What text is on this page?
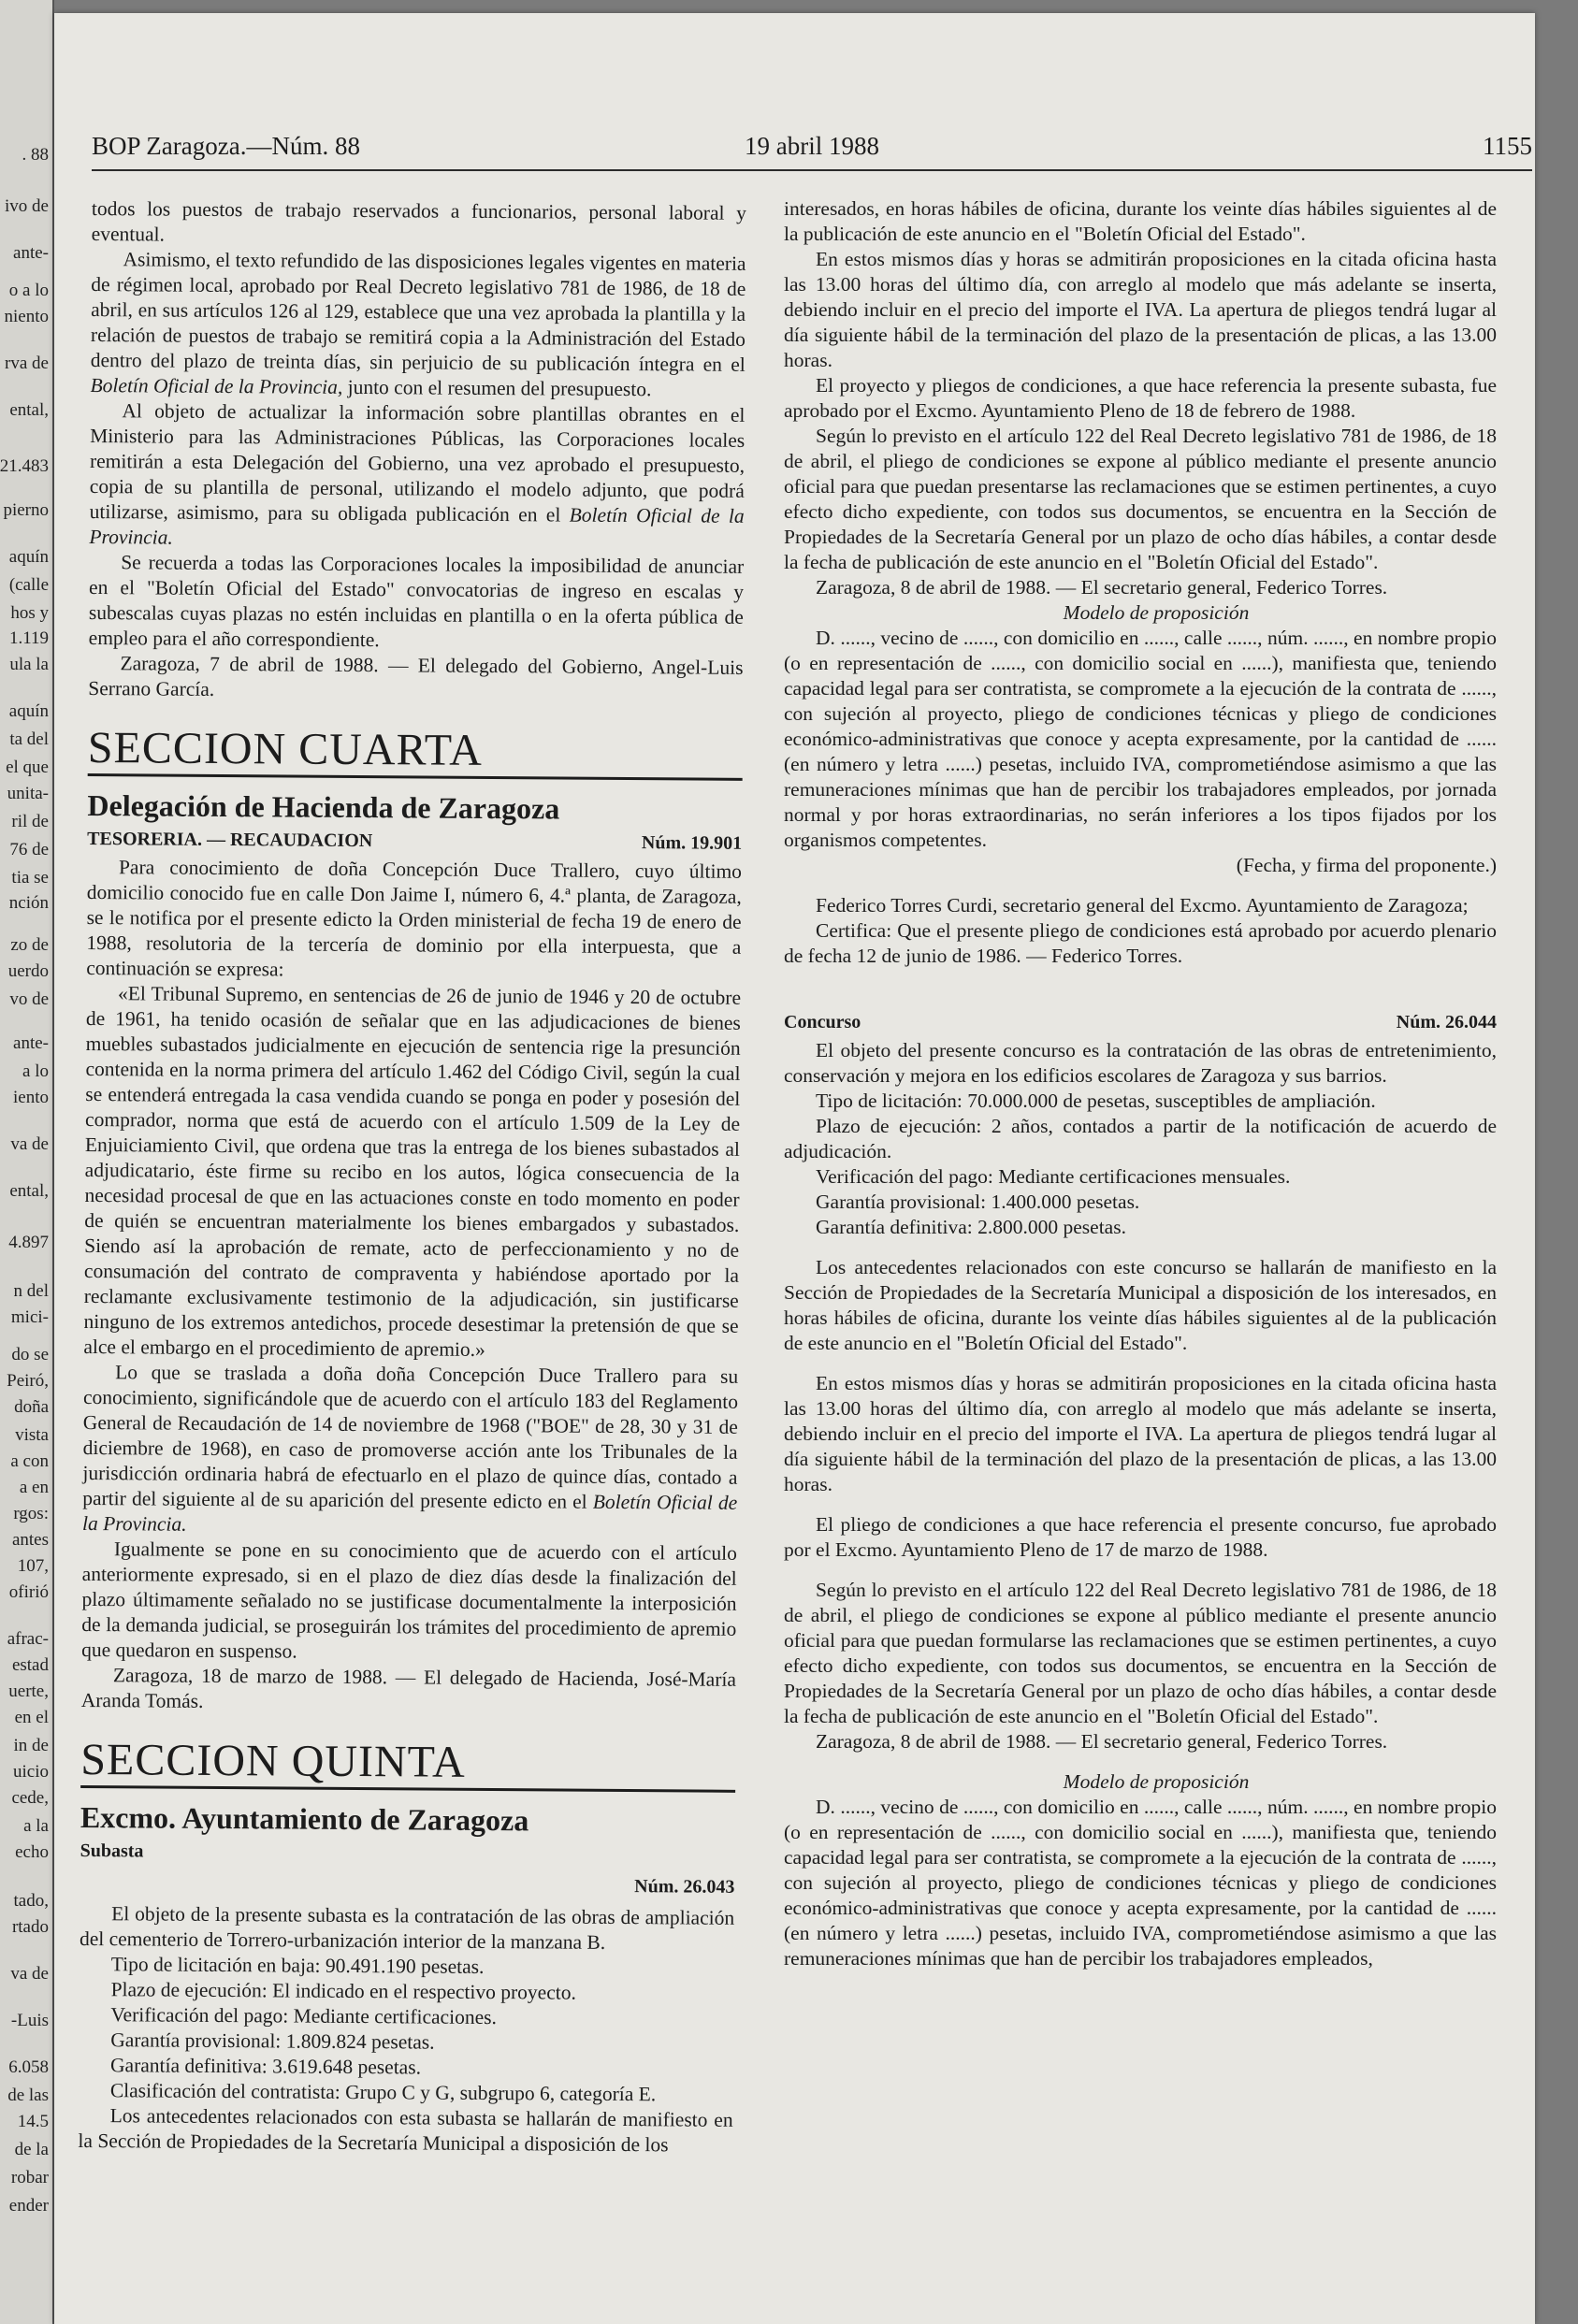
. 88
ivo de
ante-
o a lo
niento
rva de
ental,
21.483
pierno
aquín
(calle
hos y
1.119
ula la
aquín
ta del
el que
unita-
ril de
76 de
tia se
nción
zo de
uerdo
vo de
ante-
a lo
iento
va de
ental,
4.897
n del
mici-
do se
Peiró,
doña
vista
a con
a en
rgos:
antes
107,
ofirió
afrac-
estad
uerte,
en el
in de
uicio
cede,
a la
echo
tado,
rtado
va de
-Luis
6.058
de las
14.5
de la
robar
ender
BOP Zaragoza.—Núm. 88	19 abril 1988	1155

todos los puestos de trabajo reservados a funcionarios, personal laboral y eventual.

Asimismo, el texto refundido de las disposiciones legales vigentes en materia de régimen local, aprobado por Real Decreto legislativo 781 de 1986, de 18 de abril, en sus artículos 126 al 129, establece que una vez aprobada la plantilla y la relación de puestos de trabajo se remitirá copia a la Administración del Estado dentro del plazo de treinta días, sin perjuicio de su publicación íntegra en el Boletín Oficial de la Provincia, junto con el resumen del presupuesto.

Al objeto de actualizar la información sobre plantillas obrantes en el Ministerio para las Administraciones Públicas, las Corporaciones locales remitirán a esta Delegación del Gobierno, una vez aprobado el presupuesto, copia de su plantilla de personal, utilizando el modelo adjunto, que podrá utilizarse, asimismo, para su obligada publicación en el Boletín Oficial de la Provincia.

Se recuerda a todas las Corporaciones locales la imposibilidad de anunciar en el "Boletín Oficial del Estado" convocatorias de ingreso en escalas y subescalas cuyas plazas no estén incluidas en plantilla o en la oferta pública de empleo para el año correspondiente.

Zaragoza, 7 de abril de 1988. — El delegado del Gobierno, Angel-Luis Serrano García.

SECCION CUARTA
Delegación de Hacienda de Zaragoza
TESORERIA. — RECAUDACION	Núm. 19.901

Para conocimiento de doña Concepción Duce Trallero, cuyo último domicilio conocido fue en calle Don Jaime I, número 6, 4.ª planta, de Zaragoza, se le notifica por el presente edicto la Orden ministerial de fecha 19 de enero de 1988, resolutoria de la tercería de dominio por ella interpuesta, que a continuación se expresa:

«El Tribunal Supremo, en sentencias de 26 de junio de 1946 y 20 de octubre de 1961, ha tenido ocasión de señalar que en las adjudicaciones de bienes muebles subastados judicialmente en ejecución de sentencia rige la presunción contenida en la norma primera del artículo 1.462 del Código Civil, según la cual se entenderá entregada la casa vendida cuando se ponga en poder y posesión del comprador, norma que está de acuerdo con el artículo 1.509 de la Ley de Enjuiciamiento Civil, que ordena que tras la entrega de los bienes subastados al adjudicatario, éste firme su recibo en los autos, lógica consecuencia de la necesidad procesal de que en las actuaciones conste en todo momento en poder de quién se encuentran materialmente los bienes embargados y subastados. Siendo así la aprobación de remate, acto de perfeccionamiento y no de consumación del contrato de compraventa y habiéndose aportado por la reclamante exclusivamente testimonio de la adjudicación, sin justificarse ninguno de los extremos antedichos, procede desestimar la pretensión de que se alce el embargo en el procedimiento de apremio.»

Lo que se traslada a doña doña Concepción Duce Trallero para su conocimiento, significándole que de acuerdo con el artículo 183 del Reglamento General de Recaudación de 14 de noviembre de 1968 ("BOE" de 28, 30 y 31 de diciembre de 1968), en caso de promoverse acción ante los Tribunales de la jurisdicción ordinaria habrá de efectuarlo en el plazo de quince días, contado a partir del siguiente al de su aparición del presente edicto en el Boletín Oficial de la Provincia.

Igualmente se pone en su conocimiento que de acuerdo con el artículo anteriormente expresado, si en el plazo de diez días desde la finalización del plazo últimamente señalado no se justificase documentalmente la interposición de la demanda judicial, se proseguirán los trámites del procedimiento de apremio que quedaron en suspenso.

Zaragoza, 18 de marzo de 1988. — El delegado de Hacienda, José-María Aranda Tomás.

SECCION QUINTA
Excmo. Ayuntamiento de Zaragoza
Subasta
Núm. 26.043

El objeto de la presente subasta es la contratación de las obras de ampliación del cementerio de Torrero-urbanización interior de la manzana B.

Tipo de licitación en baja: 90.491.190 pesetas.

Plazo de ejecución: El indicado en el respectivo proyecto.

Verificación del pago: Mediante certificaciones.

Garantía provisional: 1.809.824 pesetas.

Garantía definitiva: 3.619.648 pesetas.

Clasificación del contratista: Grupo C y G, subgrupo 6, categoría E.

Los antecedentes relacionados con esta subasta se hallarán de manifiesto en la Sección de Propiedades de la Secretaría Municipal a disposición de los

interesados, en horas hábiles de oficina, durante los veinte días hábiles siguientes al de la publicación de este anuncio en el "Boletín Oficial del Estado".

En estos mismos días y horas se admitirán proposiciones en la citada oficina hasta las 13.00 horas del último día, con arreglo al modelo que más adelante se inserta, debiendo incluir en el precio del importe el IVA. La apertura de pliegos tendrá lugar al día siguiente hábil de la terminación del plazo de la presentación de plicas, a las 13.00 horas.

El proyecto y pliegos de condiciones, a que hace referencia la presente subasta, fue aprobado por el Excmo. Ayuntamiento Pleno de 18 de febrero de 1988.

Según lo previsto en el artículo 122 del Real Decreto legislativo 781 de 1986, de 18 de abril, el pliego de condiciones se expone al público mediante el presente anuncio oficial para que puedan presentarse las reclamaciones que se estimen pertinentes, a cuyo efecto dicho expediente, con todos sus documentos, se encuentra en la Sección de Propiedades de la Secretaría General por un plazo de ocho días hábiles, a contar desde la fecha de publicación de este anuncio en el "Boletín Oficial del Estado".

Zaragoza, 8 de abril de 1988. — El secretario general, Federico Torres.

Modelo de proposición

D. ......, vecino de ......, con domicilio en ......, calle ......, núm. ......, en nombre propio (o en representación de ......, con domicilio social en ......), manifiesta que, teniendo capacidad legal para ser contratista, se compromete a la ejecución de la contrata de ......, con sujeción al proyecto, pliego de condiciones técnicas y pliego de condiciones económico-administrativas que conoce y acepta expresamente, por la cantidad de ...... (en número y letra ......) pesetas, incluido IVA, comprometiéndose asimismo a que las remuneraciones mínimas que han de percibir los trabajadores empleados, por jornada normal y por horas extraordinarias, no serán inferiores a los tipos fijados por los organismos competentes.

(Fecha, y firma del proponente.)

Federico Torres Curdi, secretario general del Excmo. Ayuntamiento de Zaragoza;

Certifica: Que el presente pliego de condiciones está aprobado por acuerdo plenario de fecha 12 de junio de 1986. — Federico Torres.

Concurso	Núm. 26.044

El objeto del presente concurso es la contratación de las obras de entretenimiento, conservación y mejora en los edificios escolares de Zaragoza y sus barrios.

Tipo de licitación: 70.000.000 de pesetas, susceptibles de ampliación.

Plazo de ejecución: 2 años, contados a partir de la notificación de acuerdo de adjudicación.

Verificación del pago: Mediante certificaciones mensuales.

Garantía provisional: 1.400.000 pesetas.

Garantía definitiva: 2.800.000 pesetas.

Los antecedentes relacionados con este concurso se hallarán de manifiesto en la Sección de Propiedades de la Secretaría Municipal a disposición de los interesados, en horas hábiles de oficina, durante los veinte días hábiles siguientes al de la publicación de este anuncio en el "Boletín Oficial del Estado".

En estos mismos días y horas se admitirán proposiciones en la citada oficina hasta las 13.00 horas del último día, con arreglo al modelo que más adelante se inserta, debiendo incluir en el precio del importe el IVA. La apertura de pliegos tendrá lugar al día siguiente hábil de la terminación del plazo de la presentación de plicas, a las 13.00 horas.

El pliego de condiciones a que hace referencia el presente concurso, fue aprobado por el Excmo. Ayuntamiento Pleno de 17 de marzo de 1988.

Según lo previsto en el artículo 122 del Real Decreto legislativo 781 de 1986, de 18 de abril, el pliego de condiciones se expone al público mediante el presente anuncio oficial para que puedan formularse las reclamaciones que se estimen pertinentes, a cuyo efecto dicho expediente, con todos sus documentos, se encuentra en la Sección de Propiedades de la Secretaría General por un plazo de ocho días hábiles, a contar desde la fecha de publicación de este anuncio en el "Boletín Oficial del Estado".

Zaragoza, 8 de abril de 1988. — El secretario general, Federico Torres.

Modelo de proposición

D. ......, vecino de ......, con domicilio en ......, calle ......, núm. ......, en nombre propio (o en representación de ......, con domicilio social en ......), manifiesta que, teniendo capacidad legal para ser contratista, se compromete a la ejecución de la contrata de ......, con sujeción al proyecto, pliego de condiciones técnicas y pliego de condiciones económico-administrativas que conoce y acepta expresamente, por la cantidad de ...... (en número y letra ......) pesetas, incluido IVA, comprometiéndose asimismo a que las remuneraciones mínimas que han de percibir los trabajadores empleados,
